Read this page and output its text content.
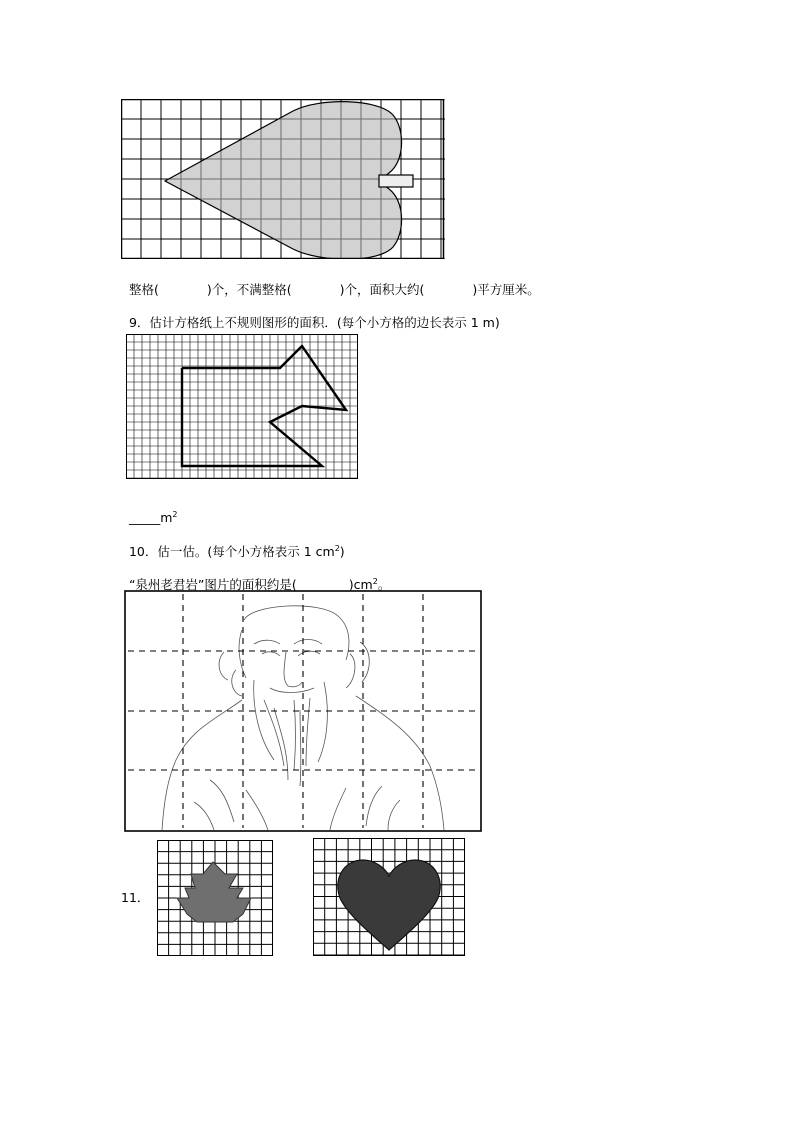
整格(	)个，不满整格(	)个，面积大约(	)平方厘米。

9．估计方格纸上不规则图形的面积．(每个小方格的边长表示 1 m)

$\_\_\_\_\_m^2$

10．估一估。(每个小方格表示 1 $cm^2$)

“泉州老君岩”图片的面积约是(	)$cm^2$。

11．
